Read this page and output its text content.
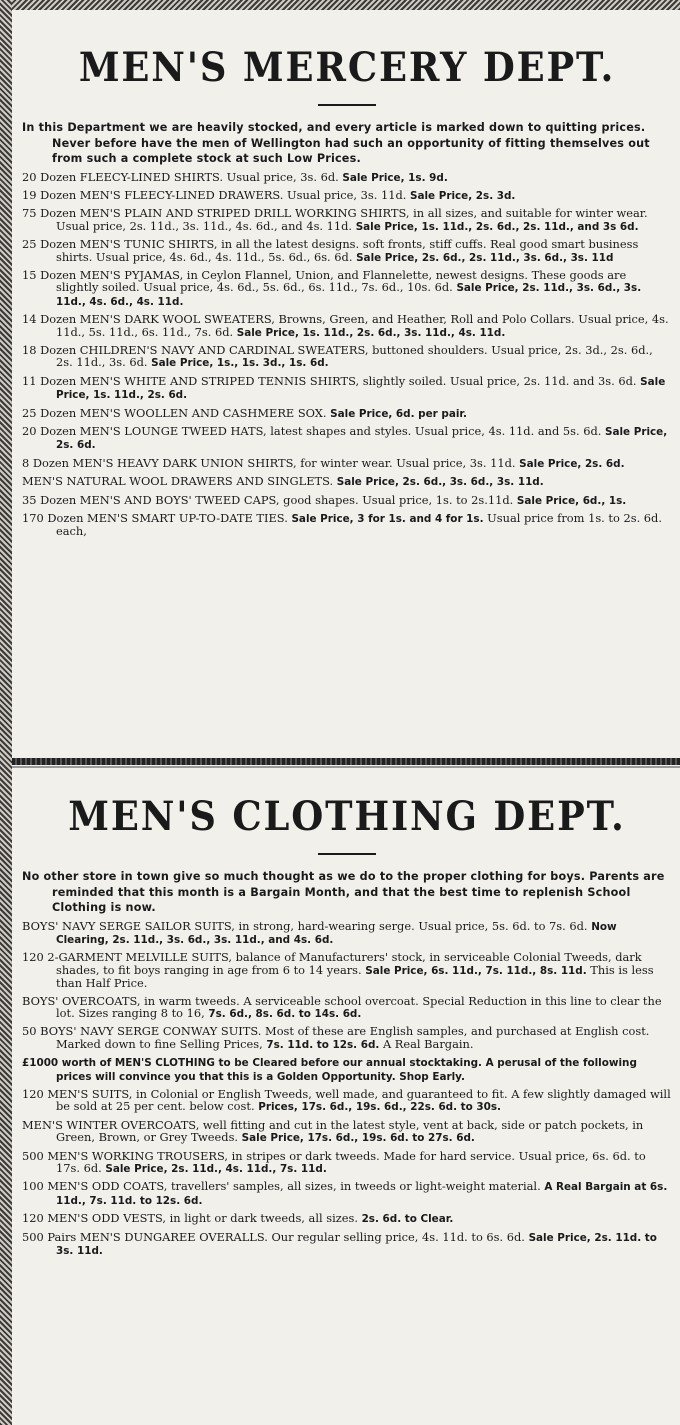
MEN'S MERCERY DEPT.

In this Department we are heavily stocked, and every article is marked down to quitting prices. Never before have the men of Wellington had such an opportunity of fitting themselves out from such a complete stock at such Low Prices.

20 Dozen FLEECY-LINED SHIRTS. Usual price, 3s. 6d. Sale Price, 1s. 9d.

19 Dozen MEN'S FLEECY-LINED DRAWERS. Usual price, 3s. 11d. Sale Price, 2s. 3d.

75 Dozen MEN'S PLAIN AND STRIPED DRILL WORKING SHIRTS, in all sizes, and suitable for winter wear. Usual price, 2s. 11d., 3s. 11d., 4s. 6d., and 4s. 11d. Sale Price, 1s. 11d., 2s. 6d., 2s. 11d., and 3s 6d.

25 Dozen MEN'S TUNIC SHIRTS, in all the latest designs. soft fronts, stiff cuffs. Real good smart business shirts. Usual price, 4s. 6d., 4s. 11d., 5s. 6d., 6s. 6d. Sale Price, 2s. 6d., 2s. 11d., 3s. 6d., 3s. 11d

15 Dozen MEN'S PYJAMAS, in Ceylon Flannel, Union, and Flannelette, newest designs. These goods are slightly soiled. Usual price, 4s. 6d., 5s. 6d., 6s. 11d., 7s. 6d., 10s. 6d. Sale Price, 2s. 11d., 3s. 6d., 3s. 11d., 4s. 6d., 4s. 11d.

14 Dozen MEN'S DARK WOOL SWEATERS, Browns, Green, and Heather, Roll and Polo Collars. Usual price, 4s. 11d., 5s. 11d., 6s. 11d., 7s. 6d. Sale Price, 1s. 11d., 2s. 6d., 3s. 11d., 4s. 11d.

18 Dozen CHILDREN'S NAVY AND CARDINAL SWEATERS, buttoned shoulders. Usual price, 2s. 3d., 2s. 6d., 2s. 11d., 3s. 6d. Sale Price, 1s., 1s. 3d., 1s. 6d.

11 Dozen MEN'S WHITE AND STRIPED TENNIS SHIRTS, slightly soiled. Usual price, 2s. 11d. and 3s. 6d. Sale Price, 1s. 11d., 2s. 6d.

25 Dozen MEN'S WOOLLEN AND CASHMERE SOX. Sale Price, 6d. per pair.

20 Dozen MEN'S LOUNGE TWEED HATS, latest shapes and styles. Usual price, 4s. 11d. and 5s. 6d. Sale Price, 2s. 6d.

8 Dozen MEN'S HEAVY DARK UNION SHIRTS, for winter wear. Usual price, 3s. 11d. Sale Price, 2s. 6d.

MEN'S NATURAL WOOL DRAWERS AND SINGLETS. Sale Price, 2s. 6d., 3s. 6d., 3s. 11d.

35 Dozen MEN'S AND BOYS' TWEED CAPS, good shapes. Usual price, 1s. to 2s.11d. Sale Price, 6d., 1s.

170 Dozen MEN'S SMART UP-TO-DATE TIES. Sale Price, 3 for 1s. and 4 for 1s. Usual price from 1s. to 2s. 6d. each,

MEN'S CLOTHING DEPT.

No other store in town give so much thought as we do to the proper clothing for boys. Parents are reminded that this month is a Bargain Month, and that the best time to replenish School Clothing is now.

BOYS' NAVY SERGE SAILOR SUITS, in strong, hard-wearing serge. Usual price, 5s. 6d. to 7s. 6d. Now Clearing, 2s. 11d., 3s. 6d., 3s. 11d., and 4s. 6d.

120 2-GARMENT MELVILLE SUITS, balance of Manufacturers' stock, in serviceable Colonial Tweeds, dark shades, to fit boys ranging in age from 6 to 14 years. Sale Price, 6s. 11d., 7s. 11d., 8s. 11d. This is less than Half Price.

BOYS' OVERCOATS, in warm tweeds. A serviceable school overcoat. Special Reduction in this line to clear the lot. Sizes ranging 8 to 16, 7s. 6d., 8s. 6d. to 14s. 6d.

50 BOYS' NAVY SERGE CONWAY SUITS. Most of these are English samples, and purchased at English cost. Marked down to fine Selling Prices, 7s. 11d. to 12s. 6d. A Real Bargain.

£1000 worth of MEN'S CLOTHING to be Cleared before our annual stocktaking. A perusal of the following prices will convince you that this is a Golden Opportunity. Shop Early.

120 MEN'S SUITS, in Colonial or English Tweeds, well made, and guaranteed to fit. A few slightly damaged will be sold at 25 per cent. below cost. Prices, 17s. 6d., 19s. 6d., 22s. 6d. to 30s.

MEN'S WINTER OVERCOATS, well fitting and cut in the latest style, vent at back, side or patch pockets, in Green, Brown, or Grey Tweeds. Sale Price, 17s. 6d., 19s. 6d. to 27s. 6d.

500 MEN'S WORKING TROUSERS, in stripes or dark tweeds. Made for hard service. Usual price, 6s. 6d. to 17s. 6d. Sale Price, 2s. 11d., 4s. 11d., 7s. 11d.

100 MEN'S ODD COATS, travellers' samples, all sizes, in tweeds or light-weight material. A Real Bargain at 6s. 11d., 7s. 11d. to 12s. 6d.

120 MEN'S ODD VESTS, in light or dark tweeds, all sizes. 2s. 6d. to Clear.

500 Pairs MEN'S DUNGAREE OVERALLS. Our regular selling price, 4s. 11d. to 6s. 6d. Sale Price, 2s. 11d. to 3s. 11d.
